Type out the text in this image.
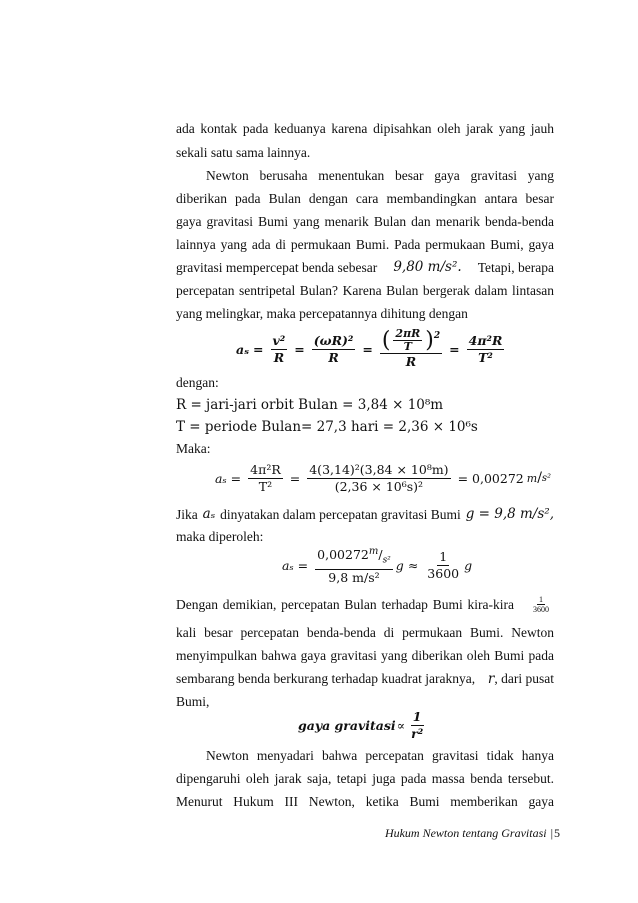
ada kontak pada keduanya karena dipisahkan oleh jarak yang jauh
sekali satu sama lainnya.
Newton berusaha menentukan besar gaya gravitasi yang
diberikan pada Bulan dengan cara membandingkan antara besar
gaya gravitasi Bumi yang menarik Bulan dan menarik benda-benda
lainnya yang ada di permukaan Bumi. Pada permukaan Bumi, gaya
gravitasi mempercepat benda sebesar 9,80 m/s². Tetapi, berapa
percepatan sentripetal Bulan? Karena Bulan bergerak dalam lintasan
yang melingkar, maka percepatannya dihitung dengan
$a_s = \frac{\text{v²}}{R} = \frac{\text{(ωR)²}}{R} = \frac{( \frac{2\pi R}{T} )^2}{R} = \frac{\text{4π²R}}{\text{T²}}$
dengan:
R = jari-jari orbit Bulan = 3,84 × 10⁸m
T = periode Bulan= 27,3 hari = 2,36 × 10⁶s
Maka:
$a_s = \frac{\text{4π²R}}{\text{T²}} = \frac{\text{4(3,14)²(3,84 × 10⁸m)}}{\text{(2,36 × 10⁶s)²}} = 0,00272$ m / s²
Jika aₛ dinyatakan dalam percepatan gravitasi Bumi g = 9,8 m/s²,
maka diperoleh:
$a_s = \frac{0,00272^m/_{s^2}}{\text{9,8 m/s²}}$ $g \approx \frac{1}{3600}$ g
Dengan demikian, percepatan Bulan terhadap Bumi kira-kira $\frac{1}{3600}$
kali besar percepatan benda-benda di permukaan Bumi. Newton
menyimpulkan bahwa gaya gravitasi yang diberikan oleh Bumi pada
sembarang benda berkurang terhadap kuadrat jaraknya, r, dari pusat
Bumi,
gaya gravitasi ∝ $\frac{1}{\text{r²}}$
Newton menyadari bahwa percepatan gravitasi tidak hanya
dipengaruhi oleh jarak saja, tetapi juga pada massa benda tersebut.
Menurut Hukum III Newton, ketika Bumi memberikan gaya
Hukum Newton tentang Gravitasi |5
